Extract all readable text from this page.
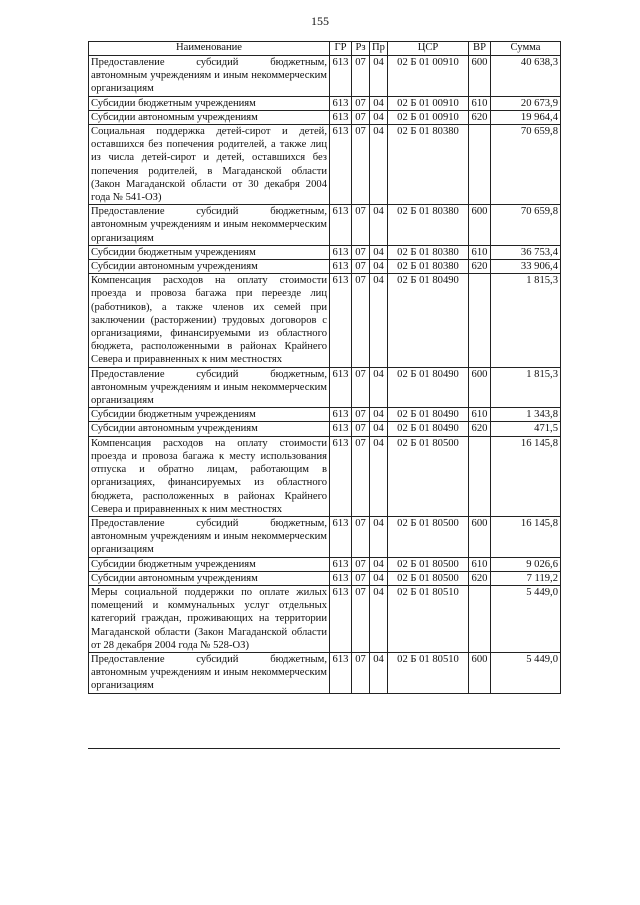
155
Наименование	ГР	Рз	Пр	ЦСР	ВР	Сумма
Предоставление субсидий бюджетным, автономным учреждениям и иным некоммерческим организациям	613	07	04	02 Б 01 00910	600	40 638,3
Субсидии бюджетным учреждениям	613	07	04	02 Б 01 00910	610	20 673,9
Субсидии автономным учреждениям	613	07	04	02 Б 01 00910	620	19 964,4
Социальная поддержка детей-сирот и детей, оставшихся без попечения родителей, а также лиц из числа детей-сирот и детей, оставшихся без попечения родителей, в Магаданской области (Закон Магаданской области от 30 декабря 2004 года № 541-ОЗ)	613	07	04	02 Б 01 80380		70 659,8
Предоставление субсидий бюджетным, автономным учреждениям и иным некоммерческим организациям	613	07	04	02 Б 01 80380	600	70 659,8
Субсидии бюджетным учреждениям	613	07	04	02 Б 01 80380	610	36 753,4
Субсидии автономным учреждениям	613	07	04	02 Б 01 80380	620	33 906,4
Компенсация расходов на оплату стоимости проезда и провоза багажа при переезде лиц (работников), а также членов их семей при заключении (расторжении) трудовых договоров с организациями, финансируемыми из областного бюджета, расположенными в районах Крайнего Севера и приравненных к ним местностях	613	07	04	02 Б 01 80490		1 815,3
Предоставление субсидий бюджетным, автономным учреждениям и иным некоммерческим организациям	613	07	04	02 Б 01 80490	600	1 815,3
Субсидии бюджетным учреждениям	613	07	04	02 Б 01 80490	610	1 343,8
Субсидии автономным учреждениям	613	07	04	02 Б 01 80490	620	471,5
Компенсация расходов на оплату стоимости проезда и провоза багажа к месту использования отпуска и обратно лицам, работающим в организациях, финансируемых из областного бюджета, расположенных в районах Крайнего Севера и приравненных к ним местностях	613	07	04	02 Б 01 80500		16 145,8
Предоставление субсидий бюджетным, автономным учреждениям и иным некоммерческим организациям	613	07	04	02 Б 01 80500	600	16 145,8
Субсидии бюджетным учреждениям	613	07	04	02 Б 01 80500	610	9 026,6
Субсидии автономным учреждениям	613	07	04	02 Б 01 80500	620	7 119,2
Меры социальной поддержки по оплате жилых помещений и коммунальных услуг отдельных категорий граждан, проживающих на территории Магаданской области (Закон Магаданской области от 28 декабря 2004 года № 528-ОЗ)	613	07	04	02 Б 01 80510		5 449,0
Предоставление субсидий бюджетным, автономным учреждениям и иным некоммерческим организациям	613	07	04	02 Б 01 80510	600	5 449,0
